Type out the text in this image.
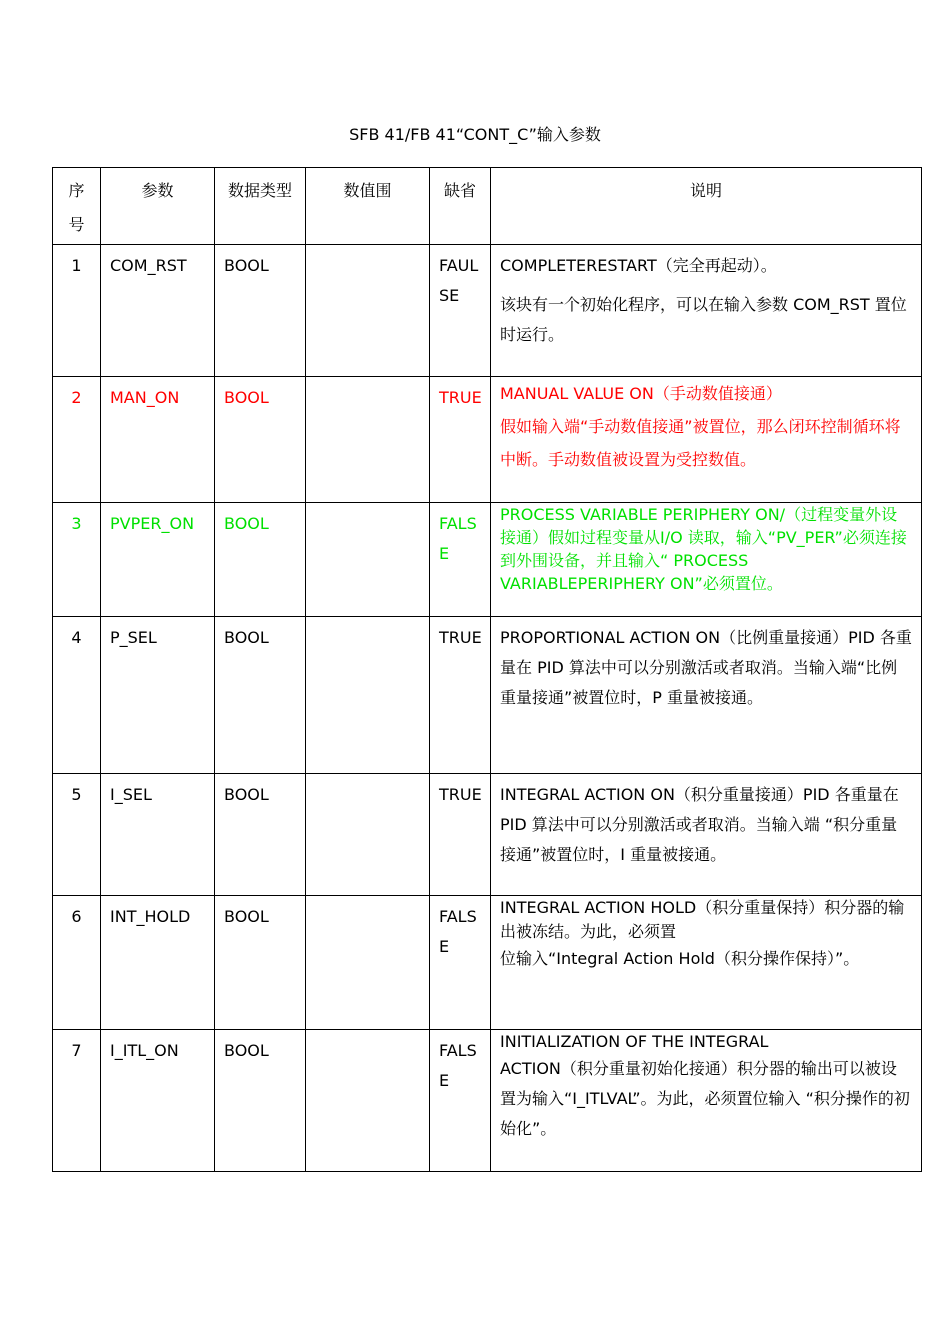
SFB 41/FB 41“CONT_C”输入参数
序号	参数	数据类型	数值围	缺省	说明
1	COM_RST	BOOL		FAULSE	COMPLETERESTART（完全再起动）。

该块有一个初始化程序，可以在输入参数 COM_RST 置位时运行。

2	MAN_ON	BOOL		TRUE	MANUAL VALUE ON（手动数值接通）

假如输入端“手动数值接通”被置位，那么闭环控制循环将中断。手动数值被设置为受控数值。

3	PVPER_ON	BOOL		FALSE	PROCESS VARIABLE PERIPHERY ON/（过程变量外设接通）假如过程变量从I/O 读取，输入“PV_PER”必须连接到外围设备，并且输入“ PROCESS VARIABLEPERIPHERY ON”必须置位。

4	P_SEL	BOOL		TRUE	PROPORTIONAL ACTION ON（比例重量接通）PID 各重量在 PID 算法中可以分别激活或者取消。当输入端“比例重量接通”被置位时，P 重量被接通。

5	I_SEL	BOOL		TRUE	INTEGRAL ACTION ON（积分重量接通）PID 各重量在 PID 算法中可以分别激活或者取消。当输入端 “积分重量接通”被置位时，I 重量被接通。

6	INT_HOLD	BOOL		FALSE	INTEGRAL ACTION HOLD（积分重量保持）积分器的输出被冻结。为此，必须置

位输入“Integral Action Hold（积分操作保持）”。

7	I_ITL_ON	BOOL		FALSE	INITIALIZATION OF THE INTEGRAL

ACTION（积分重量初始化接通）积分器的输出可以被设置为输入“I_ITLVAL”。为此，必须置位输入 “积分操作的初始化”。
